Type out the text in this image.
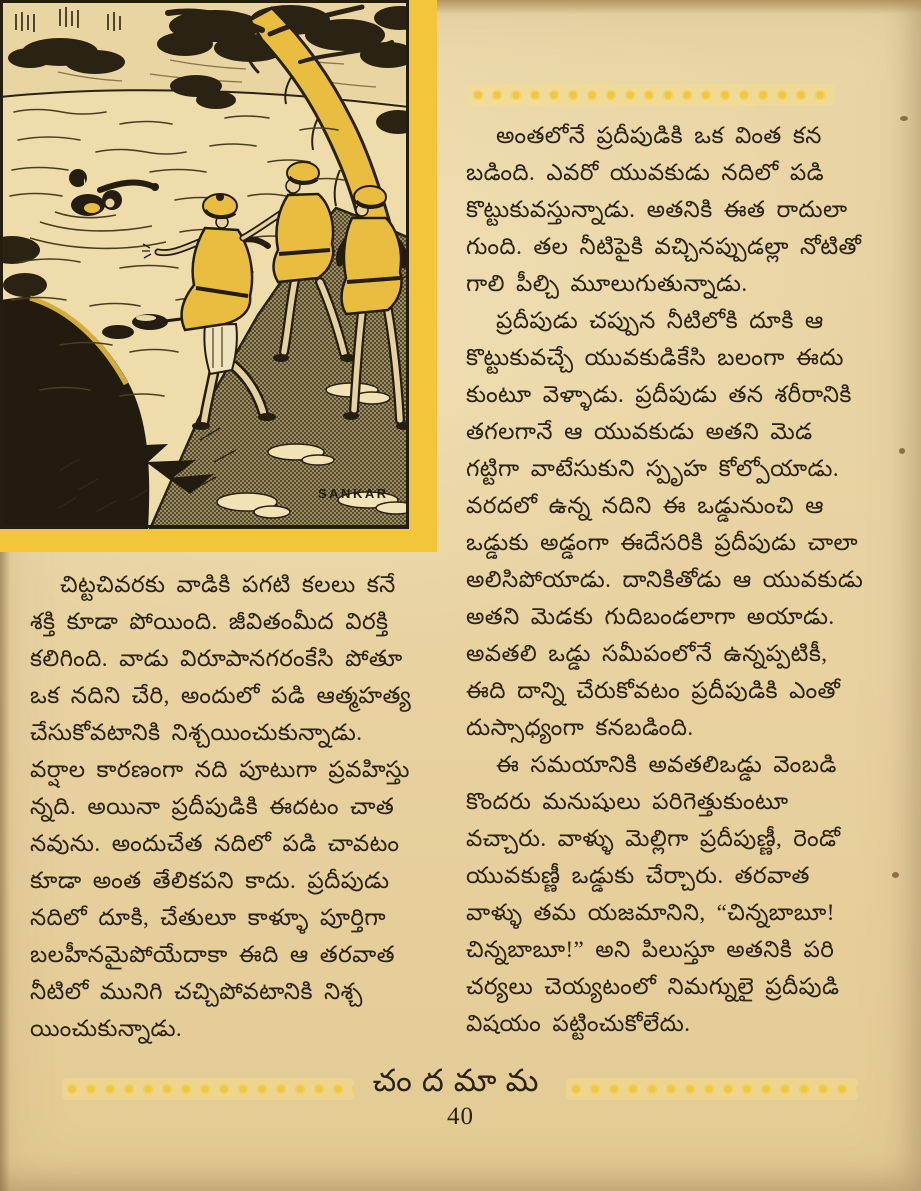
SANKAR
అంతలోనే ప్రదీపుడికి ఒక వింత కన
బడింది. ఎవరో యువకుడు నదిలో పడి
కొట్టుకువస్తున్నాడు. అతనికి ఈత రాదులా
గుంది. తల నీటిపైకి వచ్చినప్పుడల్లా నోటితో
గాలి పీల్చి మూలుగుతున్నాడు.
ప్రదీపుడు చప్పున నీటిలోకి దూకి ఆ
కొట్టుకువచ్చే యువకుడికేసి బలంగా ఈదు
కుంటూ వెళ్ళాడు. ప్రదీపుడు తన శరీరానికి
తగలగానే ఆ యువకుడు అతని మెడ
గట్టిగా వాటేసుకుని స్పృహ కోల్పోయాడు.
వరదలో ఉన్న నదిని ఈ ఒడ్డునుంచి ఆ
ఒడ్డుకు అడ్డంగా ఈదేసరికి ప్రదీపుడు చాలా
అలిసిపోయాడు. దానికితోడు ఆ యువకుడు
అతని మెడకు గుదిబండలాగా అయాడు.
అవతలి ఒడ్డు సమీపంలోనే ఉన్నప్పటికీ,
ఈది దాన్ని చేరుకోవటం ప్రదీపుడికి ఎంతో
దుస్సాధ్యంగా కనబడింది.
ఈ సమయానికి అవతలిఒడ్డు వెంబడి
కొందరు మనుషులు పరిగెత్తుకుంటూ
వచ్చారు. వాళ్ళు మెల్లిగా ప్రదీపుణ్ణీ, రెండో
యువకుణ్ణీ ఒడ్డుకు చేర్చారు. తరవాత
వాళ్ళు తమ యజమానిని, “చిన్నబాబూ!
చిన్నబాబూ!” అని పిలుస్తూ అతనికి పరి
చర్యలు చెయ్యటంలో నిమగ్నులై ప్రదీపుడి
విషయం పట్టించుకోలేదు.
చిట్టచివరకు వాడికి పగటి కలలు కనే
శక్తి కూడా పోయింది. జీవితంమీద విరక్తి
కలిగింది. వాడు విరూపానగరంకేసి పోతూ
ఒక నదిని చేరి, అందులో పడి ఆత్మహత్య
చేసుకోవటానికి నిశ్చయించుకున్నాడు.
వర్షాల కారణంగా నది పూటుగా ప్రవహిస్తు
న్నది. అయినా ప్రదీపుడికి ఈదటం చాత
నవును. అందుచేత నదిలో పడి చావటం
కూడా అంత తేలికపని కాదు. ప్రదీపుడు
నదిలో దూకి, చేతులూ కాళ్ళూ పూర్తిగా
బలహీనమైపోయేదాకా ఈది ఆ తరవాత
నీటిలో మునిగి చచ్చిపోవటానికి నిశ్చ
యించుకున్నాడు.
చందమామ
40
